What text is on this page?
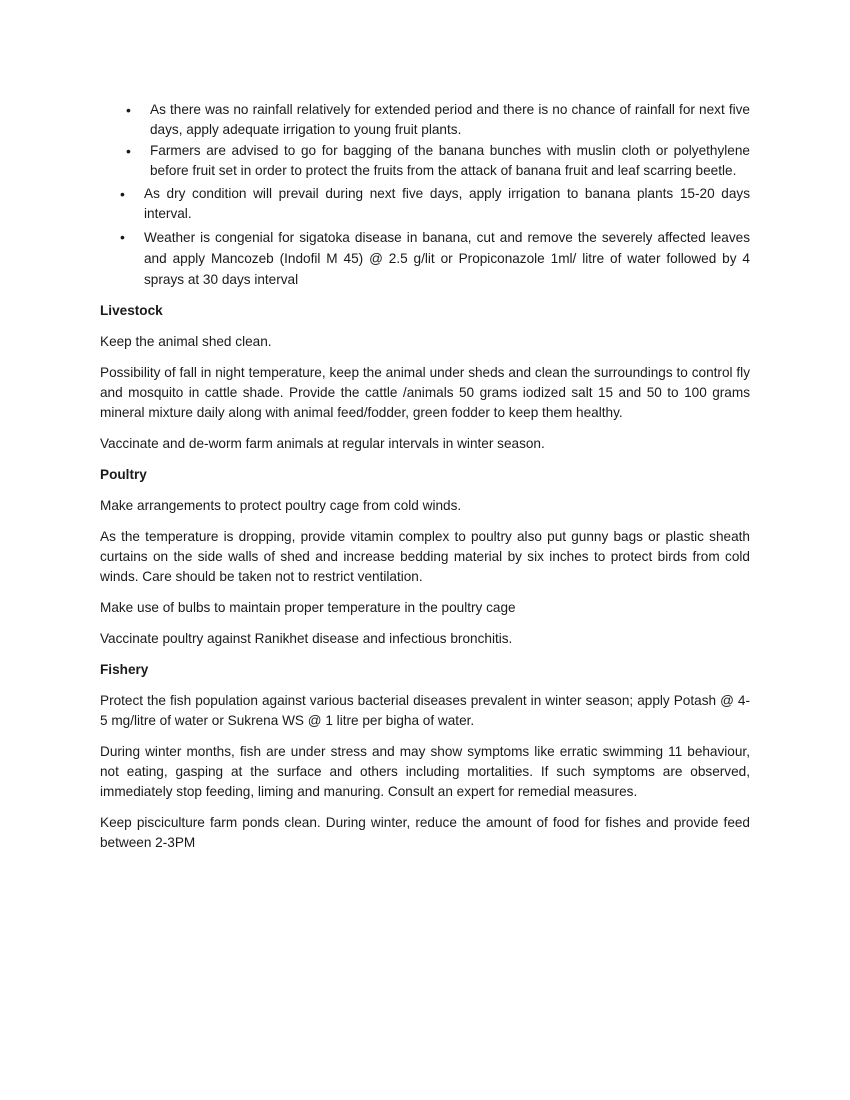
• As there was no rainfall relatively for extended period and there is no chance of rainfall for next five days, apply adequate irrigation to young fruit plants.
• Farmers are advised to go for bagging of the banana bunches with muslin cloth or polyethylene before fruit set in order to protect the fruits from the attack of banana fruit and leaf scarring beetle.
• As dry condition will prevail during next five days, apply irrigation to banana plants 15-20 days interval.
• Weather is congenial for sigatoka disease in banana, cut and remove the severely affected leaves and apply Mancozeb (Indofil M 45) @ 2.5 g/lit or Propiconazole 1ml/ litre of water followed by 4 sprays at 30 days interval
Livestock

Keep the animal shed clean.

Possibility of fall in night temperature, keep the animal under sheds and clean the surroundings to control fly and mosquito in cattle shade. Provide the cattle /animals 50 grams iodized salt 15 and 50 to 100 grams mineral mixture daily along with animal feed/fodder, green fodder to keep them healthy.

Vaccinate and de-worm farm animals at regular intervals in winter season.

Poultry

Make arrangements to protect poultry cage from cold winds.

As the temperature is dropping, provide vitamin complex to poultry also put gunny bags or plastic sheath curtains on the side walls of shed and increase bedding material by six inches to protect birds from cold winds. Care should be taken not to restrict ventilation.

Make use of bulbs to maintain proper temperature in the poultry cage

Vaccinate poultry against Ranikhet disease and infectious bronchitis.

Fishery

Protect the fish population against various bacterial diseases prevalent in winter season; apply Potash @ 4-5 mg/litre of water or Sukrena WS @ 1 litre per bigha of water.

During winter months, fish are under stress and may show symptoms like erratic swimming 11 behaviour, not eating, gasping at the surface and others including mortalities. If such symptoms are observed, immediately stop feeding, liming and manuring. Consult an expert for remedial measures.

Keep pisciculture farm ponds clean. During winter, reduce the amount of food for fishes and provide feed between 2-3PM
